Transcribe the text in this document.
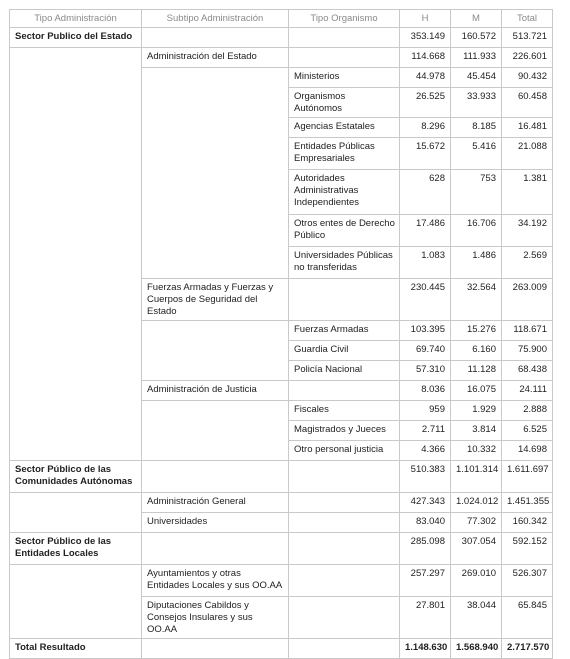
Tipo Administración	Subtipo Administración	Tipo Organismo	H	M	Total
Sector Publico del Estado			353.149	160.572	513.721
	Administración del Estado		114.668	111.933	226.601
		Ministerios	44.978	45.454	90.432
		Organismos Autónomos	26.525	33.933	60.458
		Agencias Estatales	8.296	8.185	16.481
		Entidades Públicas Empresariales	15.672	5.416	21.088
		Autoridades Administrativas Independientes	628	753	1.381
		Otros entes de Derecho Público	17.486	16.706	34.192
		Universidades Públicas no transferidas	1.083	1.486	2.569
	Fuerzas Armadas y Fuerzas y Cuerpos de Seguridad del Estado		230.445	32.564	263.009
		Fuerzas Armadas	103.395	15.276	118.671
		Guardia Civil	69.740	6.160	75.900
		Policía Nacional	57.310	11.128	68.438
	Administración de Justicia		8.036	16.075	24.111
		Fiscales	959	1.929	2.888
		Magistrados y Jueces	2.711	3.814	6.525
		Otro personal justicia	4.366	10.332	14.698
Sector Público de las Comunidades Autónomas			510.383	1.101.314	1.611.697
	Administración General		427.343	1.024.012	1.451.355
	Universidades		83.040	77.302	160.342
Sector Público de las Entidades Locales			285.098	307.054	592.152
	Ayuntamientos y otras Entidades Locales y sus OO.AA		257.297	269.010	526.307
	Diputaciones Cabildos y Consejos Insulares y sus OO.AA		27.801	38.044	65.845
Total Resultado			1.148.630	1.568.940	2.717.570
